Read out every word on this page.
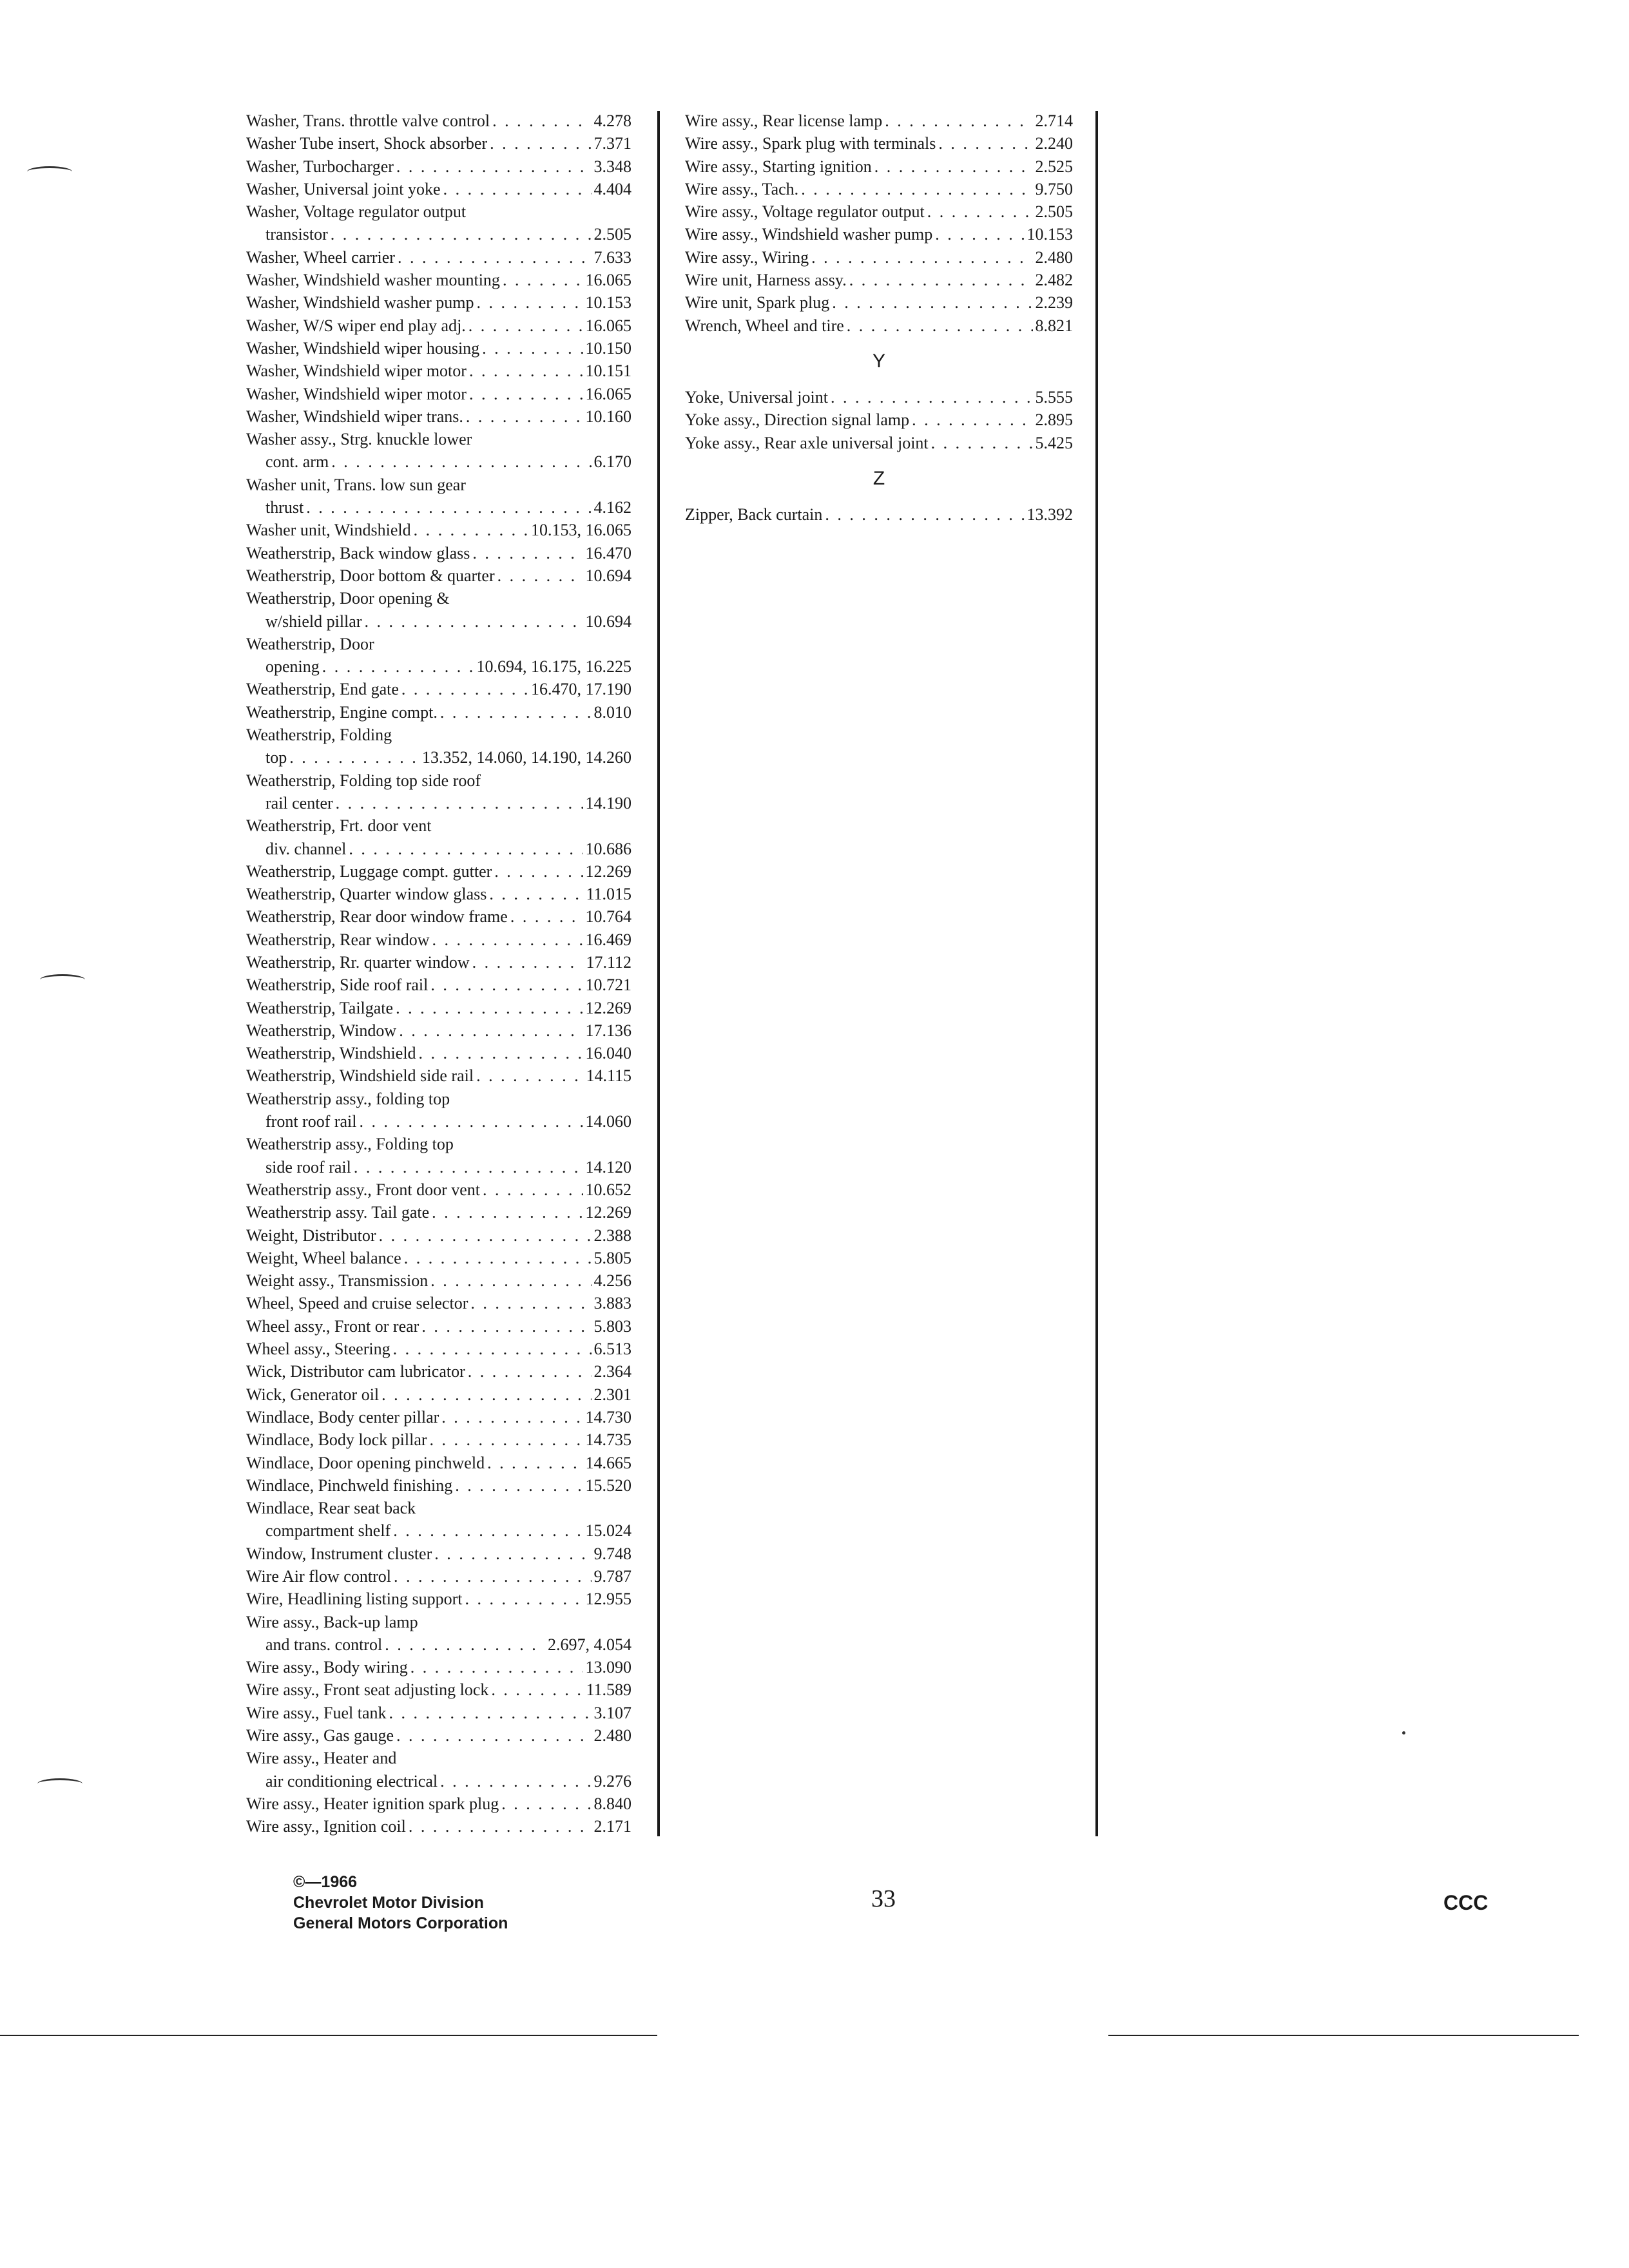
Washer, Trans. throttle valve control . . .	4.278
Washer Tube insert, Shock absorber . . .	7.371
Washer, Turbocharger . . .	3.348
Washer, Universal joint yoke . . .	4.404
Washer, Voltage regulator output
transistor . . .	2.505
Washer, Wheel carrier . . .	7.633
Washer, Windshield washer mounting . . .	16.065
Washer, Windshield washer pump . . .	10.153
Washer, W/S wiper end play adj. . . .	16.065
Washer, Windshield wiper housing . . .	10.150
Washer, Windshield wiper motor . . .	10.151
Washer, Windshield wiper motor . . .	16.065
Washer, Windshield wiper trans. . . .	10.160
Washer assy., Strg. knuckle lower
cont. arm . . .	6.170
Washer unit, Trans. low sun gear
thrust . . .	4.162
Washer unit, Windshield . . .	10.153, 16.065
Weatherstrip, Back window glass . . .	16.470
Weatherstrip, Door bottom & quarter . . .	10.694
Weatherstrip, Door opening &
w/shield pillar . . .	10.694
Weatherstrip, Door
opening . . .	10.694, 16.175, 16.225
Weatherstrip, End gate . . .	16.470, 17.190
Weatherstrip, Engine compt. . . .	8.010
Weatherstrip, Folding
top . . .	13.352, 14.060, 14.190, 14.260
Weatherstrip, Folding top side roof
rail center . . .	14.190
Weatherstrip, Frt. door vent
div. channel . . .	10.686
Weatherstrip, Luggage compt. gutter . . .	12.269
Weatherstrip, Quarter window glass . . .	11.015
Weatherstrip, Rear door window frame . . .	10.764
Weatherstrip, Rear window . . .	16.469
Weatherstrip, Rr. quarter window . . .	17.112
Weatherstrip, Side roof rail . . .	10.721
Weatherstrip, Tailgate . . .	12.269
Weatherstrip, Window . . .	17.136
Weatherstrip, Windshield . . .	16.040
Weatherstrip, Windshield side rail . . .	14.115
Weatherstrip assy., folding top
front roof rail . . .	14.060
Weatherstrip assy., Folding top
side roof rail . . .	14.120
Weatherstrip assy., Front door vent . . .	10.652
Weatherstrip assy. Tail gate . . .	12.269
Weight, Distributor . . .	2.388
Weight, Wheel balance . . .	5.805
Weight assy., Transmission . . .	4.256
Wheel, Speed and cruise selector . . .	3.883
Wheel assy., Front or rear . . .	5.803
Wheel assy., Steering . . .	6.513
Wick, Distributor cam lubricator . . .	2.364
Wick, Generator oil . . .	2.301
Windlace, Body center pillar . . .	14.730
Windlace, Body lock pillar . . .	14.735
Windlace, Door opening pinchweld . . .	14.665
Windlace, Pinchweld finishing . . .	15.520
Windlace, Rear seat back
compartment shelf . . .	15.024
Window, Instrument cluster . . .	9.748
Wire Air flow control . . .	9.787
Wire, Headlining listing support . . .	12.955
Wire assy., Back-up lamp
and trans. control . . .	2.697, 4.054
Wire assy., Body wiring . . .	13.090
Wire assy., Front seat adjusting lock . . .	11.589
Wire assy., Fuel tank . . .	3.107
Wire assy., Gas gauge . . .	2.480
Wire assy., Heater and
air conditioning electrical . . .	9.276
Wire assy., Heater ignition spark plug . . .	8.840
Wire assy., Ignition coil . . .	2.171
Wire assy., Rear license lamp . . .	2.714
Wire assy., Spark plug with terminals . . .	2.240
Wire assy., Starting ignition . . .	2.525
Wire assy., Tach. . . .	9.750
Wire assy., Voltage regulator output . . .	2.505
Wire assy., Windshield washer pump . . .	10.153
Wire assy., Wiring . . .	2.480
Wire unit, Harness assy. . . .	2.482
Wire unit, Spark plug . . .	2.239
Wrench, Wheel and tire . . .	8.821
Y
Yoke, Universal joint . . .	5.555
Yoke assy., Direction signal lamp . . .	2.895
Yoke assy., Rear axle universal joint . . .	5.425
Z
Zipper, Back curtain . . .	13.392
©—1966
Chevrolet Motor Division
General Motors Corporation
33	CCC
